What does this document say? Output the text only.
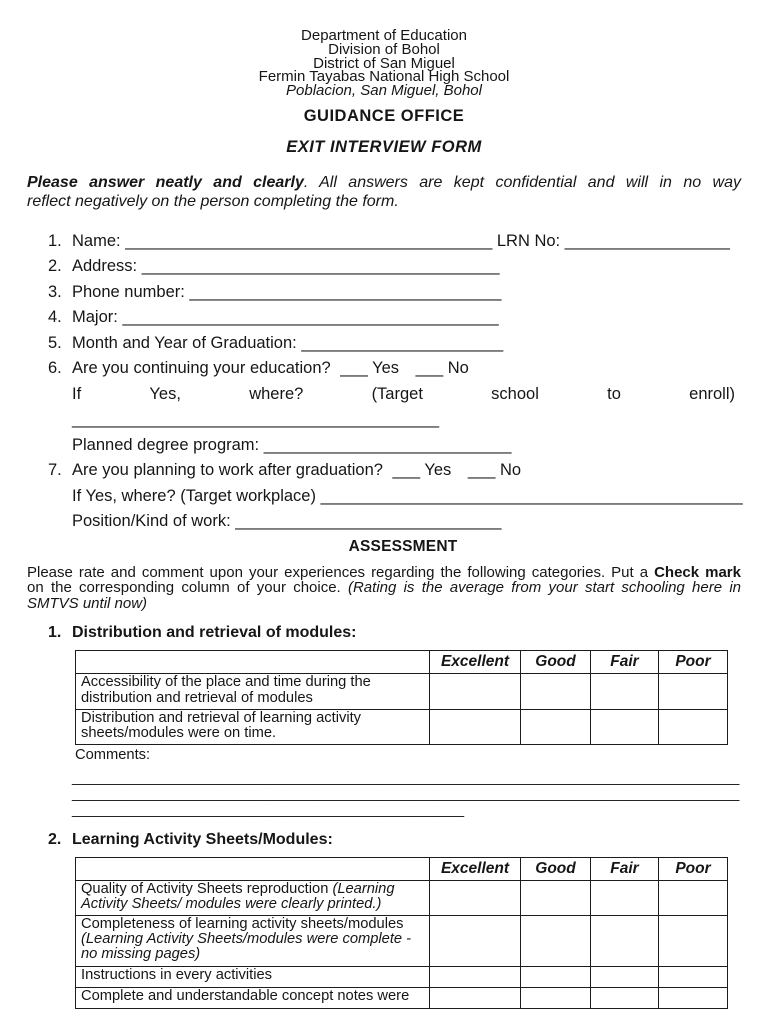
Department of Education
Division of Bohol
District of San Miguel
Fermin Tayabas National High School
Poblacion, San Miguel, Bohol
GUIDANCE OFFICE
EXIT INTERVIEW FORM
Please answer neatly and clearly. All answers are kept confidential and will in no way
reflect negatively on the person completing the form.
1. Name: ________________________________________ LRN No: __________________
2. Address: _______________________________________
3. Phone number: __________________________________
4. Major: _________________________________________
5. Month and Year of Graduation: ______________________
6. Are you continuing your education? ___ Yes ___ No
If	Yes,	where?	(Target	school	to	enroll)
________________________________________
Planned degree program: ___________________________
7. Are you planning to work after graduation? ___ Yes ___ No
If Yes, where? (Target workplace) ______________________________________________
Position/Kind of work: _____________________________
ASSESSMENT
Please rate and comment upon your experiences regarding the following categories. Put a Check mark
on the corresponding column of your choice. (Rating is the average from your start schooling here in
SMTVS until now)
1. Distribution and retrieval of modules:
	Excellent	Good	Fair	Poor
Accessibility of the place and time during the distribution and retrieval of modules				
Distribution and retrieval of learning activity sheets/modules were on time.				
Comments:
________________________________________________________________________________
________________________________________________________________________________
_______________________________________________
2. Learning Activity Sheets/Modules:
	Excellent	Good	Fair	Poor
Quality of Activity Sheets reproduction (Learning Activity Sheets/ modules were clearly printed.)				
Completeness of learning activity sheets/modules (Learning Activity Sheets/modules were complete - no missing pages)				
Instructions in every activities				
Complete and understandable concept notes were				
